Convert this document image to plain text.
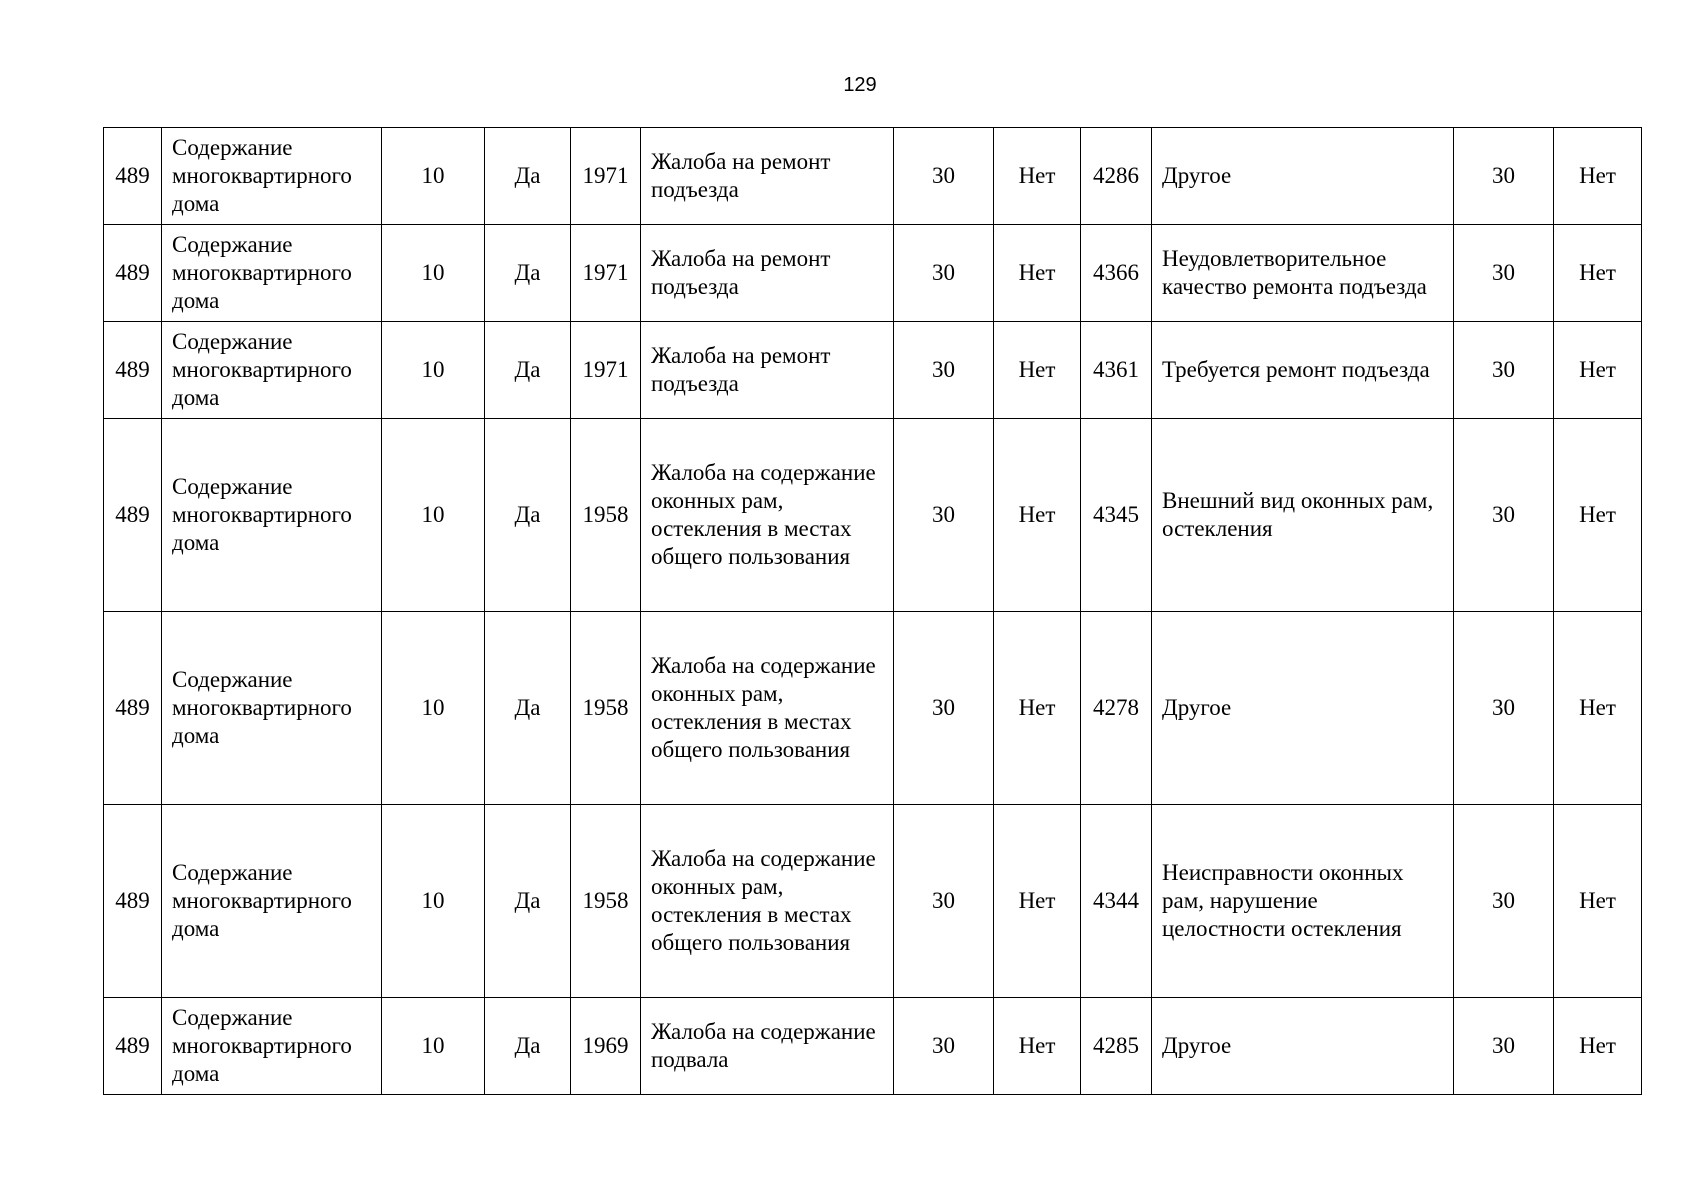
129
489	Содержание многоквартирного дома	10	Да	1971	Жалоба на ремонт подъезда	30	Нет	4286	Другое	30	Нет
489	Содержание многоквартирного дома	10	Да	1971	Жалоба на ремонт подъезда	30	Нет	4366	Неудовлетворительное качество ремонта подъезда	30	Нет
489	Содержание многоквартирного дома	10	Да	1971	Жалоба на ремонт подъезда	30	Нет	4361	Требуется ремонт подъезда	30	Нет
489	Содержание многоквартирного дома	10	Да	1958	Жалоба на содержание оконных рам, остекления в местах общего пользования	30	Нет	4345	Внешний вид оконных рам, остекления	30	Нет
489	Содержание многоквартирного дома	10	Да	1958	Жалоба на содержание оконных рам, остекления в местах общего пользования	30	Нет	4278	Другое	30	Нет
489	Содержание многоквартирного дома	10	Да	1958	Жалоба на содержание оконных рам, остекления в местах общего пользования	30	Нет	4344	Неисправности оконных рам, нарушение целостности остекления	30	Нет
489	Содержание многоквартирного дома	10	Да	1969	Жалоба на содержание подвала	30	Нет	4285	Другое	30	Нет
